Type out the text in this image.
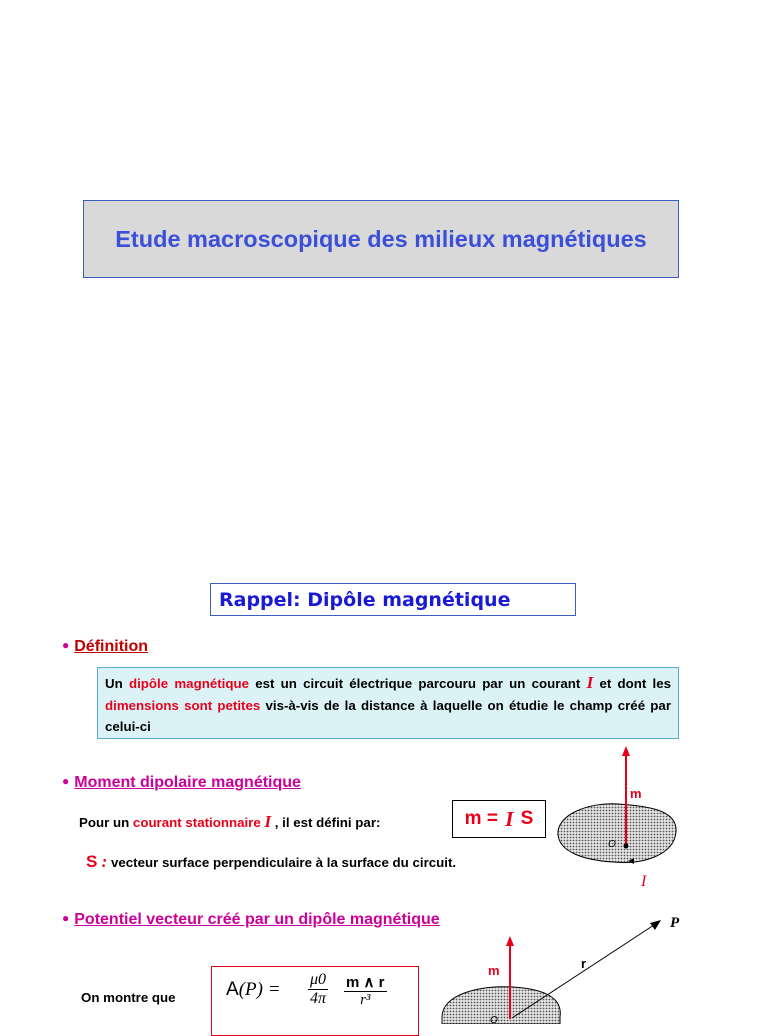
Etude macroscopique des milieux magnétiques
Rappel: Dipôle magnétique
● Définition
Un dipôle magnétique est un circuit électrique parcouru par un courant I et dont les dimensions sont petites vis-à-vis de la distance à laquelle on étudie le champ créé par celui-ci
● Moment dipolaire magnétique
Pour un courant stationnaire I , il est défini par:	m
=
I
S
S : vecteur surface perpendiculaire à la surface du circuit.
m
O
I
● Potentiel vecteur créé par un dipôle magnétique
On montre que	A(P) = μ0
4π
m ∧ r
r³
m
O
r
P
